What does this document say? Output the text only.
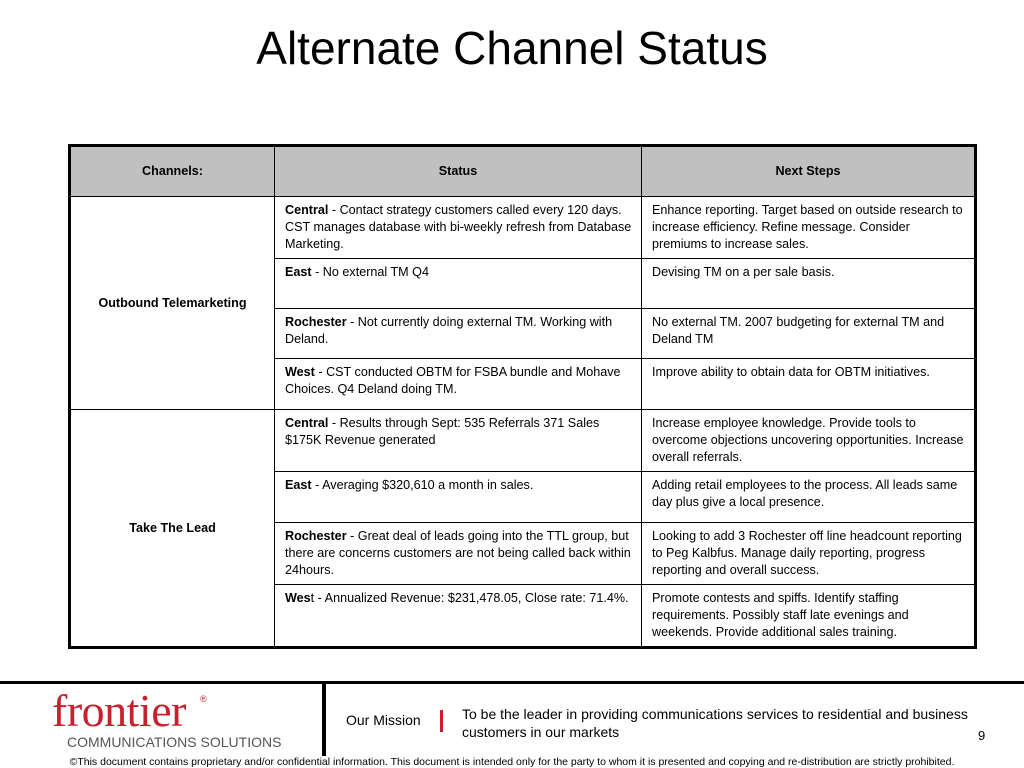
Alternate Channel Status
Channels:	Status	Next Steps
Outbound Telemarketing	Central - Contact strategy customers called every 120 days. CST manages database with bi-weekly refresh from Database Marketing.	Enhance reporting. Target based on outside research to increase efficiency. Refine message. Consider premiums to increase sales.
	East - No external TM Q4	Devising TM on a per sale basis.
	Rochester - Not currently doing external TM. Working with Deland.	No external TM. 2007 budgeting for external TM and Deland TM
	West - CST conducted OBTM for FSBA bundle and Mohave Choices. Q4 Deland doing TM.	Improve ability to obtain data for OBTM initiatives.
Take The Lead	Central - Results through Sept: 535 Referrals 371 Sales $175K Revenue generated	Increase employee knowledge. Provide tools to overcome objections uncovering opportunities. Increase overall referrals.
	East - Averaging $320,610 a month in sales.	Adding retail employees to the process. All leads same day plus give a local presence.
	Rochester - Great deal of leads going into the TTL group, but there are concerns customers are not being called back within 24hours.	Looking to add 3 Rochester off line headcount reporting to Peg Kalbfus. Manage daily reporting, progress reporting and overall success.
	West - Annualized Revenue: $231,478.05, Close rate: 71.4%.	Promote contests and spiffs. Identify staffing requirements. Possibly staff late evenings and weekends. Provide additional sales training.
frontier ®
COMMUNICATIONS SOLUTIONS
Our Mission	To be the leader in providing communications services to residential and business customers in our markets	9
©This document contains proprietary and/or confidential information. This document is intended only for the party to whom it is presented and copying and re-distribution are strictly prohibited.
